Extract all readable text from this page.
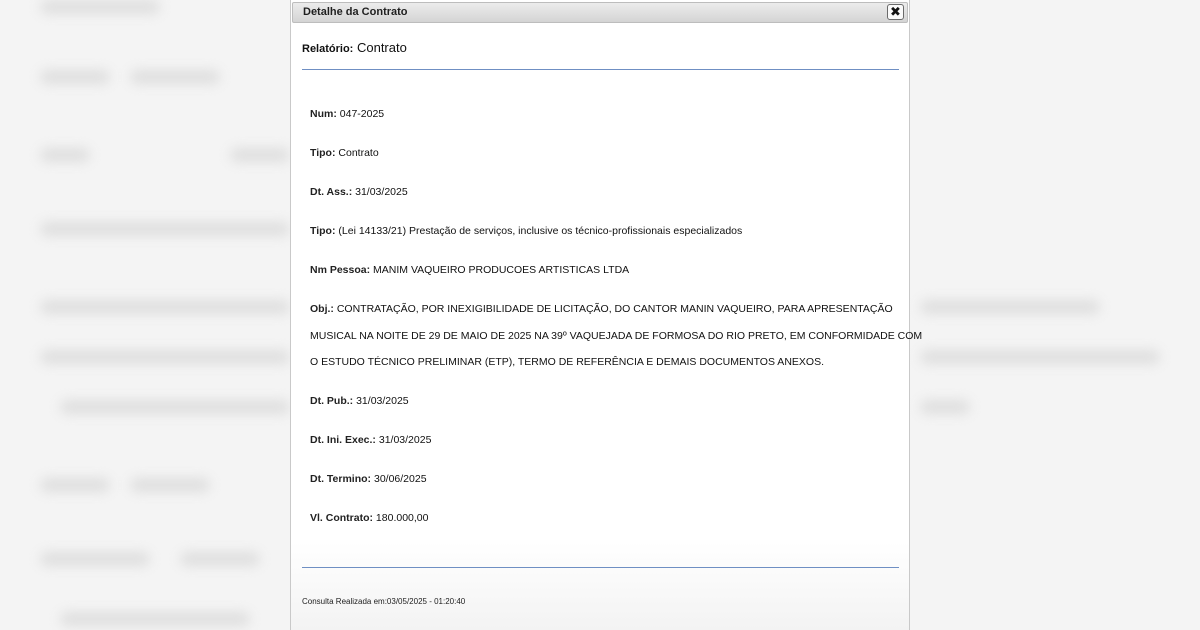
Detalhe da Contrato	✖
Relatório: Contrato
Num: 047-2025
Tipo: Contrato
Dt. Ass.: 31/03/2025
Tipo: (Lei 14133/21) Prestação de serviços, inclusive os técnico-profissionais especializados
Nm Pessoa: MANIM VAQUEIRO PRODUCOES ARTISTICAS LTDA
Obj.: CONTRATAÇÃO, POR INEXIGIBILIDADE DE LICITAÇÃO, DO CANTOR MANIN VAQUEIRO, PARA APRESENTAÇÃO
MUSICAL NA NOITE DE 29 DE MAIO DE 2025 NA 39º VAQUEJADA DE FORMOSA DO RIO PRETO, EM CONFORMIDADE COM
O ESTUDO TÉCNICO PRELIMINAR (ETP), TERMO DE REFERÊNCIA E DEMAIS DOCUMENTOS ANEXOS.
Dt. Pub.: 31/03/2025
Dt. Ini. Exec.: 31/03/2025
Dt. Termino: 30/06/2025
Vl. Contrato: 180.000,00
Consulta Realizada em:03/05/2025 - 01:20:40
